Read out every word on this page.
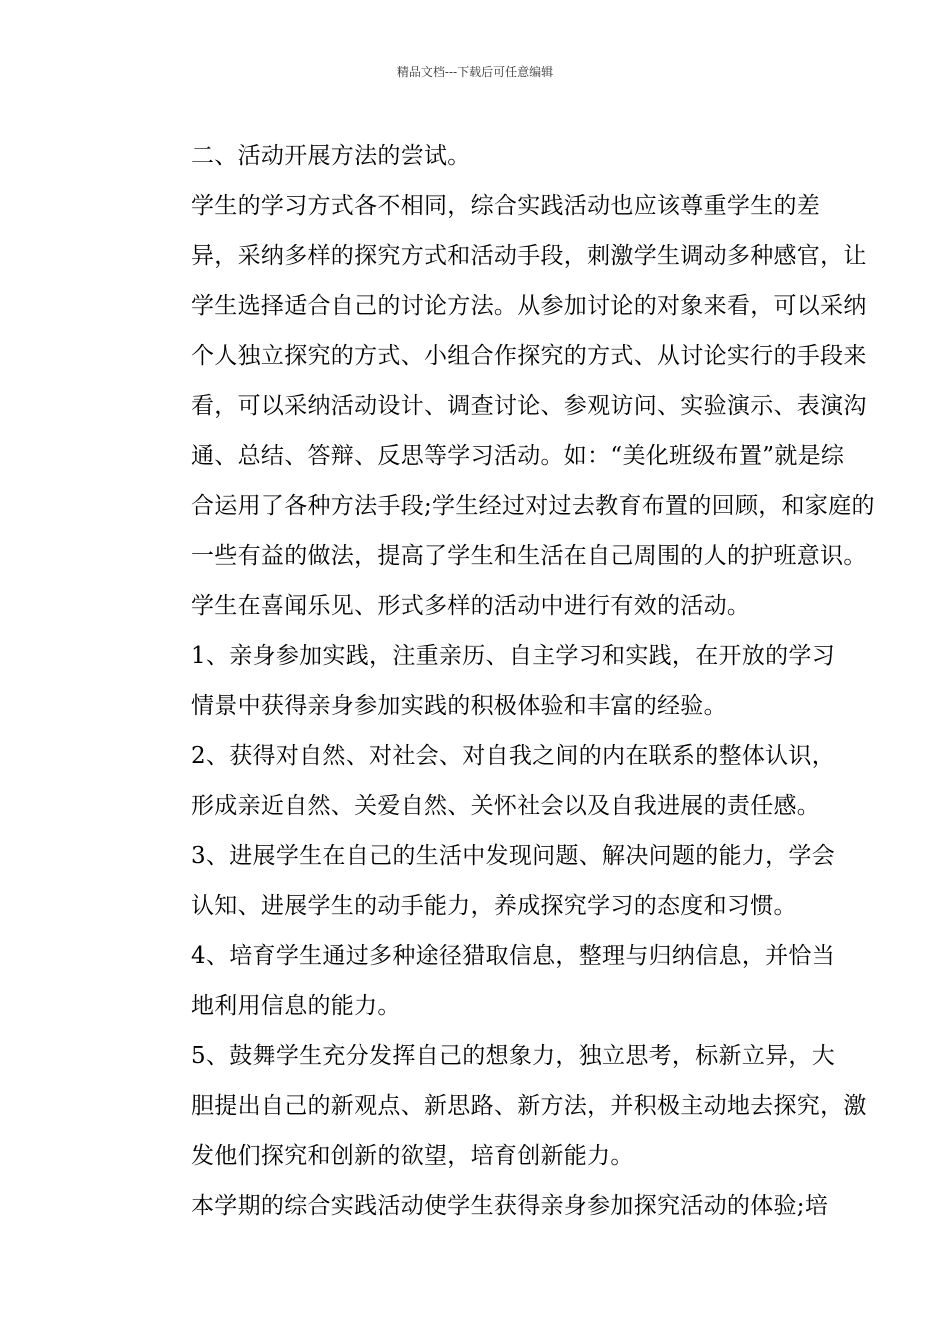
精品文档---下载后可任意编辑

二、活动开展方法的尝试。

学生的学习方式各不相同，综合实践活动也应该尊重学生的差
异，采纳多样的探究方式和活动手段，刺激学生调动多种感官，让
学生选择适合自己的讨论方法。从参加讨论的对象来看，可以采纳
个人独立探究的方式、小组合作探究的方式、从讨论实行的手段来
看，可以采纳活动设计、调查讨论、参观访问、实验演示、表演沟
通、总结、答辩、反思等学习活动。如：“美化班级布置”就是综
合运用了各种方法手段;学生经过对过去教育布置的回顾，和家庭的
一些有益的做法，提高了学生和生活在自己周围的人的护班意识。
学生在喜闻乐见、形式多样的活动中进行有效的活动。

1、亲身参加实践，注重亲历、自主学习和实践，在开放的学习
情景中获得亲身参加实践的积极体验和丰富的经验。

2、获得对自然、对社会、对自我之间的内在联系的整体认识，
形成亲近自然、关爱自然、关怀社会以及自我进展的责任感。

3、进展学生在自己的生活中发现问题、解决问题的能力，学会
认知、进展学生的动手能力，养成探究学习的态度和习惯。

4、培育学生通过多种途径猎取信息，整理与归纳信息，并恰当
地利用信息的能力。

5、鼓舞学生充分发挥自己的想象力，独立思考，标新立异，大
胆提出自己的新观点、新思路、新方法，并积极主动地去探究，激
发他们探究和创新的欲望，培育创新能力。

本学期的综合实践活动使学生获得亲身参加探究活动的体验;培
